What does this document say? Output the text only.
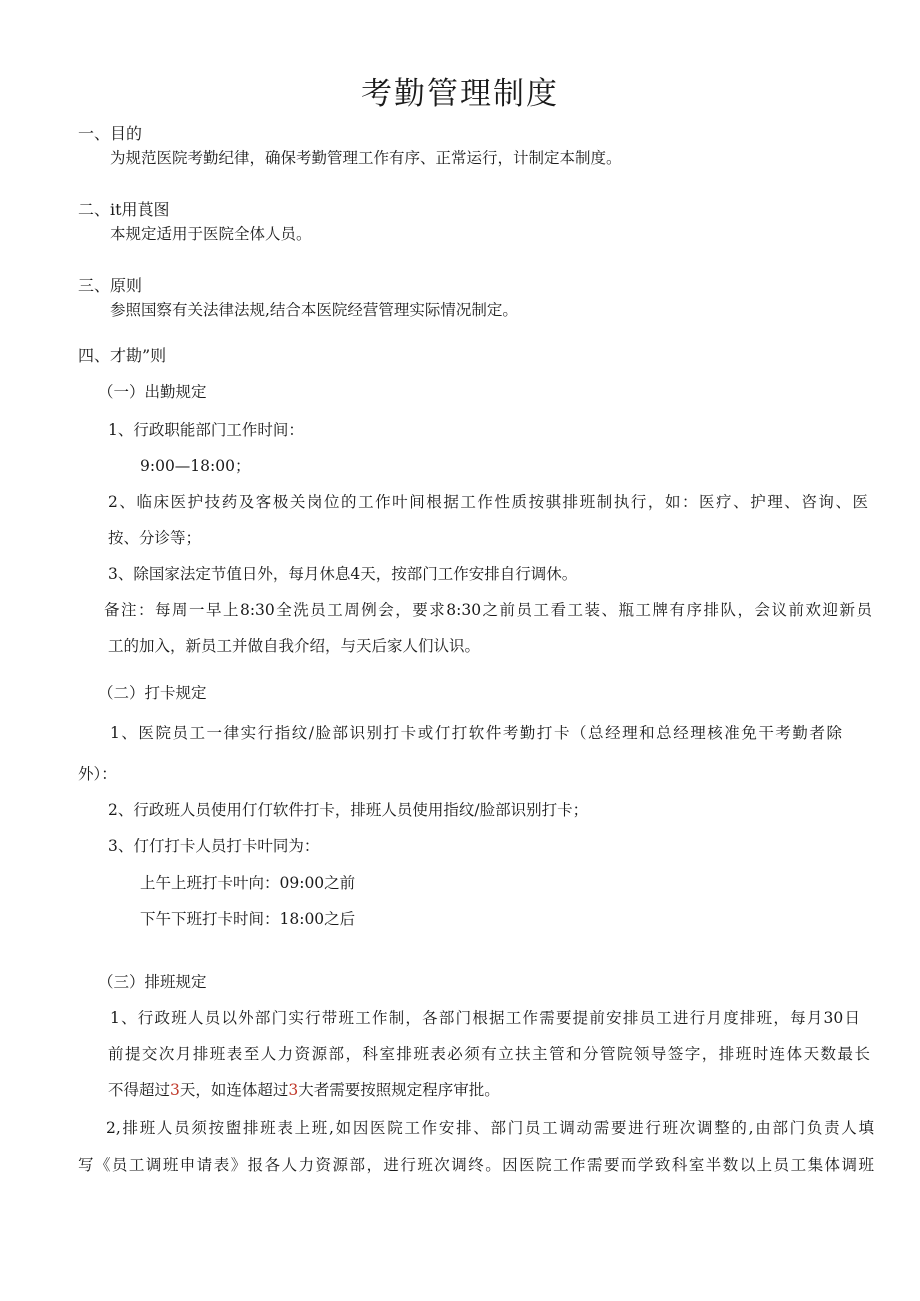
考勤管理制度
一、目的
为规范医院考勤纪律，确保考勤管理工作有序、正常运行，计制定本制度。
二、it用莨图
本规定适用于医院全体人员。
三、原则
参照国察有关法律法规,结合本医院经营管理实际情况制定。
四、才勘”则
（一）出勤规定
1、行政职能部门工作时间：
9:00—18:00；
2、临床医护技药及客极关岗位的工作叶间根据工作性质按骐排班制执行，如：医疗、护理、咨询、医
按、分诊等；
3、除国家法定节值日外，每月休息4天，按部门工作安排自行调休。
备注：每周一早上8:30全洗员工周例会，要求8:30之前员工看工装、瓶工牌有序排队，会议前欢迎新员
工的加入，新员工并做自我介绍，与天后家人们认识。
（二）打卡规定
1、医院员工一律实行指纹/脸部识别打卡或仃打软件考勤打卡（总经理和总经理核准免干考勤者除
外）：
2、行政班人员使用仃仃软件打卡，排班人员使用指纹/脸部识别打卡；
3、仃仃打卡人员打卡叶同为：
上午上班打卡叶向：09:00之前
下午下班打卡时间：18:00之后
（三）排班规定
1、行政班人员以外部门实行带班工作制，各部门根据工作需要提前安排员工进行月度排班，每月30日
前提交次月排班表至人力资源部，科室排班表必须有立扶主管和分管院领导签字，排班时连体天数最长
不得超过3天，如连体超过3大者需要按照规定程序审批。
2,排班人员须按盥排班表上班,如因医院工作安排、部门员工调动需要进行班次调整的,由部门负责人填
写《员工调班申请表》报各人力资源部，进行班次调终。因医院工作需要而学致科室半数以上员工集体调班
